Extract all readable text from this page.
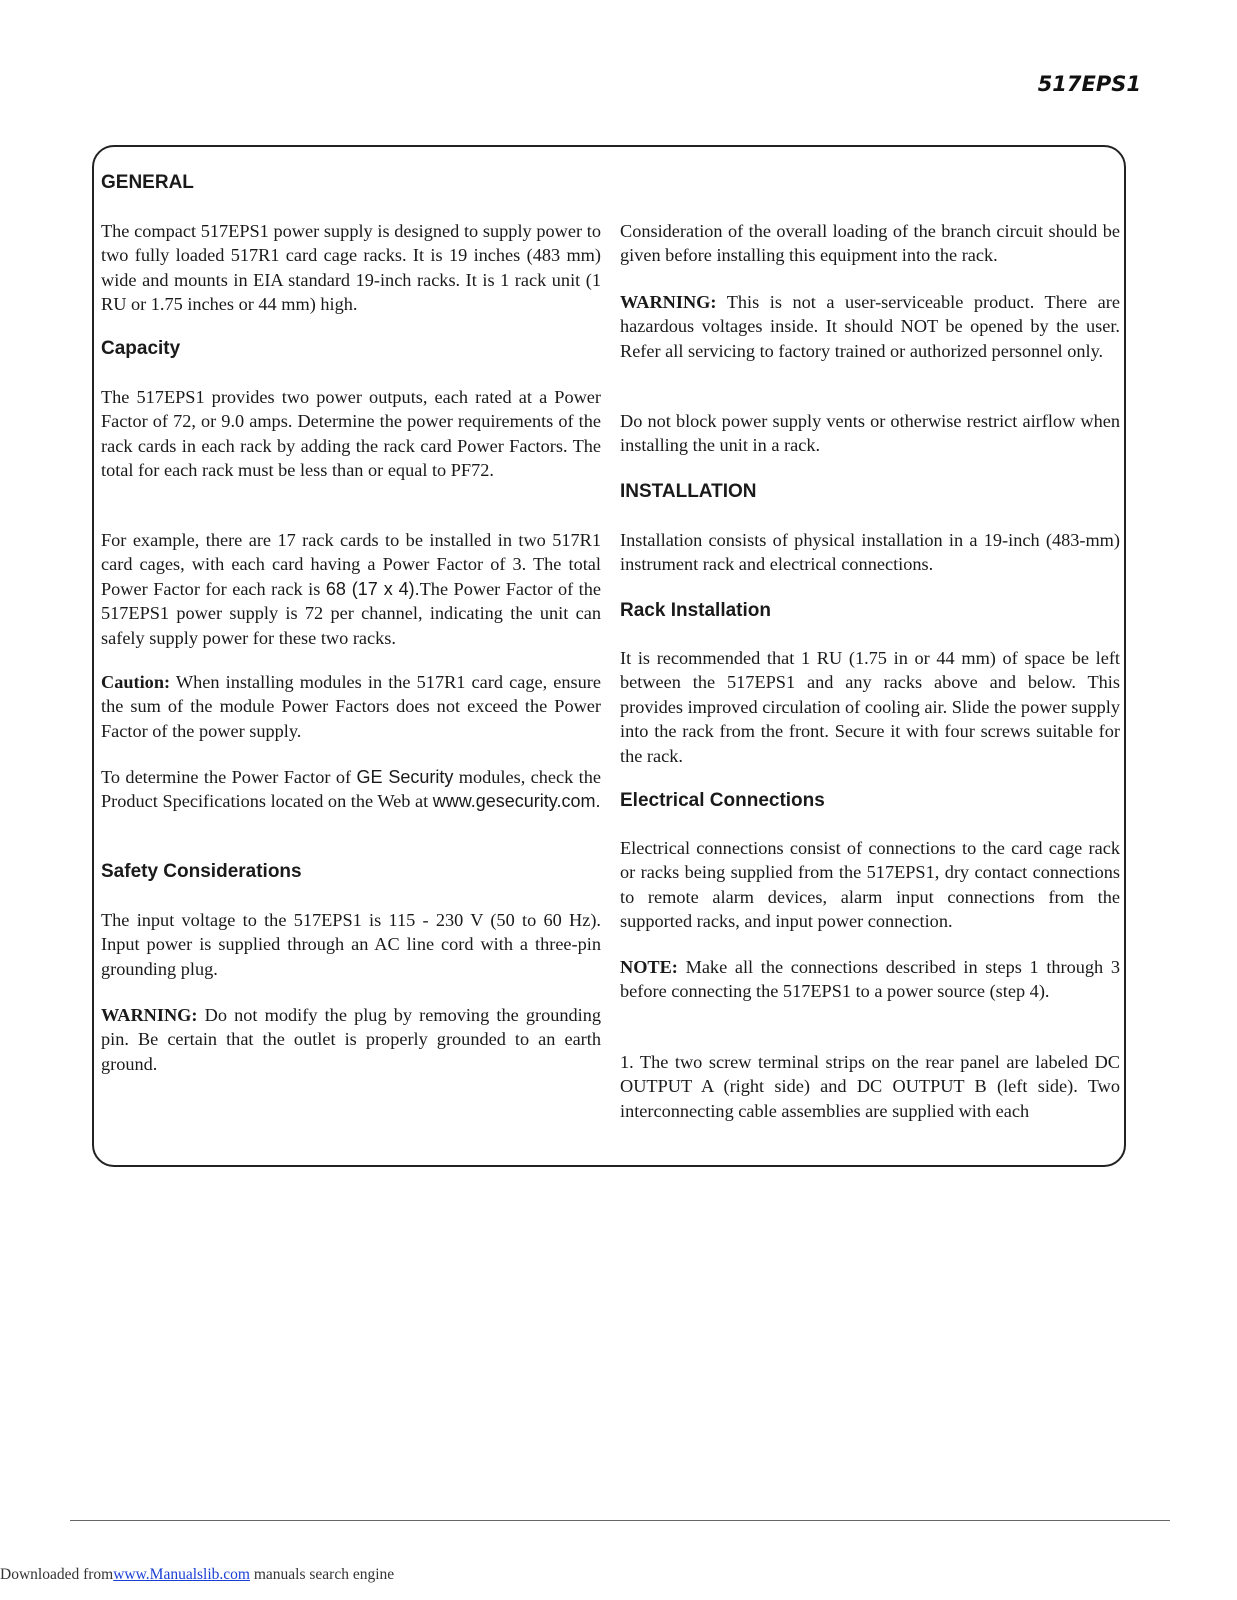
517EPS1
GENERAL

The compact 517EPS1 power supply is designed to supply power to two fully loaded 517R1 card cage racks. It is 19 inches (483 mm) wide and mounts in EIA standard 19-inch racks. It is 1 rack unit (1 RU or 1.75 inches or 44 mm) high.

Capacity

The 517EPS1 provides two power outputs, each rated at a Power Factor of 72, or 9.0 amps. Determine the power requirements of the rack cards in each rack by adding the rack card Power Factors. The total for each rack must be less than or equal to PF72.

For example, there are 17 rack cards to be installed in two 517R1 card cages, with each card having a Power Factor of 3. The total Power Factor for each rack is 68 (17 x 4).The Power Factor of the 517EPS1 power supply is 72 per channel, indicating the unit can safely supply power for these two racks.

Caution: When installing modules in the 517R1 card cage, ensure the sum of the module Power Factors does not exceed the Power Factor of the power supply.

To determine the Power Factor of GE Security modules, check the Product Specifications located on the Web at www.gesecurity.com.

Safety Considerations

The input voltage to the 517EPS1 is 115 - 230 V (50 to 60 Hz). Input power is supplied through an AC line cord with a three-pin grounding plug.

WARNING: Do not modify the plug by removing the grounding pin. Be certain that the outlet is properly grounded to an earth ground.

Consideration of the overall loading of the branch circuit should be given before installing this equipment into the rack.

WARNING: This is not a user-serviceable product. There are hazardous voltages inside. It should NOT be opened by the user. Refer all servicing to factory trained or authorized personnel only.

Do not block power supply vents or otherwise restrict airflow when installing the unit in a rack.

INSTALLATION

Installation consists of physical installation in a 19-inch (483-mm) instrument rack and electrical connections.

Rack Installation

It is recommended that 1 RU (1.75 in or 44 mm) of space be left between the 517EPS1 and any racks above and below. This provides improved circulation of cooling air. Slide the power supply into the rack from the front. Secure it with four screws suitable for the rack.

Electrical Connections

Electrical connections consist of connections to the card cage rack or racks being supplied from the 517EPS1, dry contact connections to remote alarm devices, alarm input connections from the supported racks, and input power connection.

NOTE: Make all the connections described in steps 1 through 3 before connecting the 517EPS1 to a power source (step 4).

1. The two screw terminal strips on the rear panel are labeled DC OUTPUT A (right side) and DC OUTPUT B (left side). Two interconnecting cable assemblies are supplied with each

Downloaded fromwww.Manualslib.com manuals search engine
